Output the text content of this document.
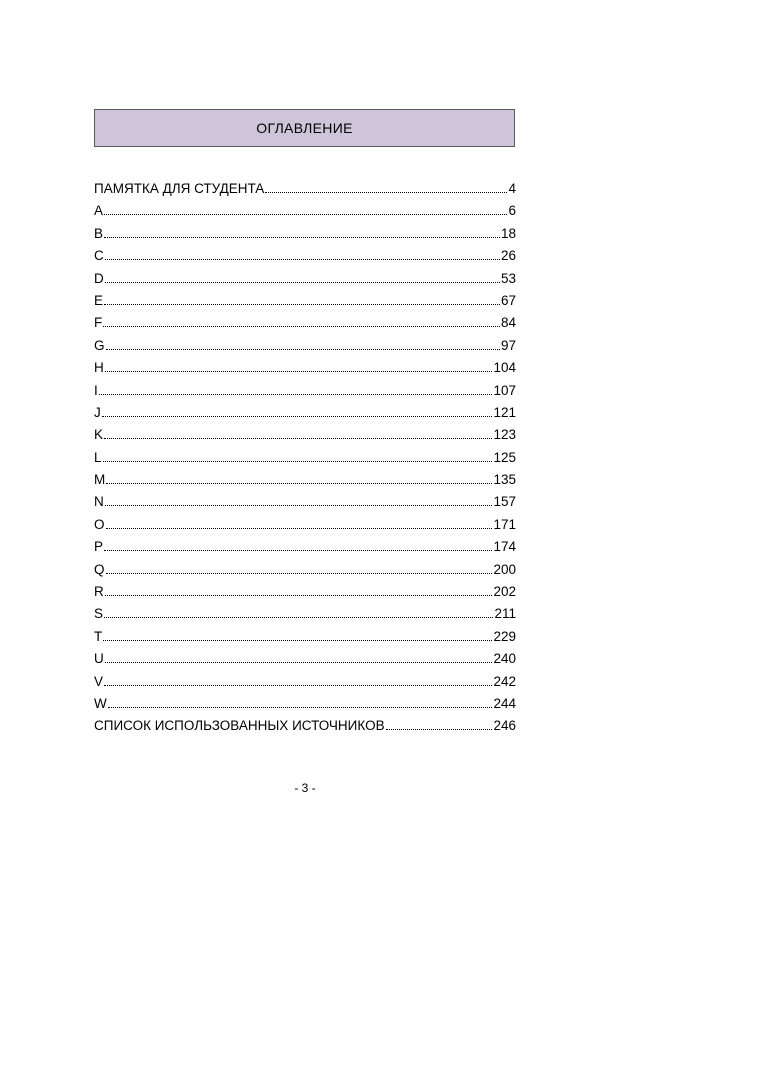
ОГЛАВЛЕНИЕ
ПАМЯТКА ДЛЯ СТУДЕНТА	4
A	6
B	18
C	26
D	53
E	67
F	84
G	97
H	104
I	107
J	121
K	123
L	125
M	135
N	157
O	171
P	174
Q	200
R	202
S	211
T	229
U	240
V	242
W	244
СПИСОК ИСПОЛЬЗОВАННЫХ ИСТОЧНИКОВ	246
- 3 -
